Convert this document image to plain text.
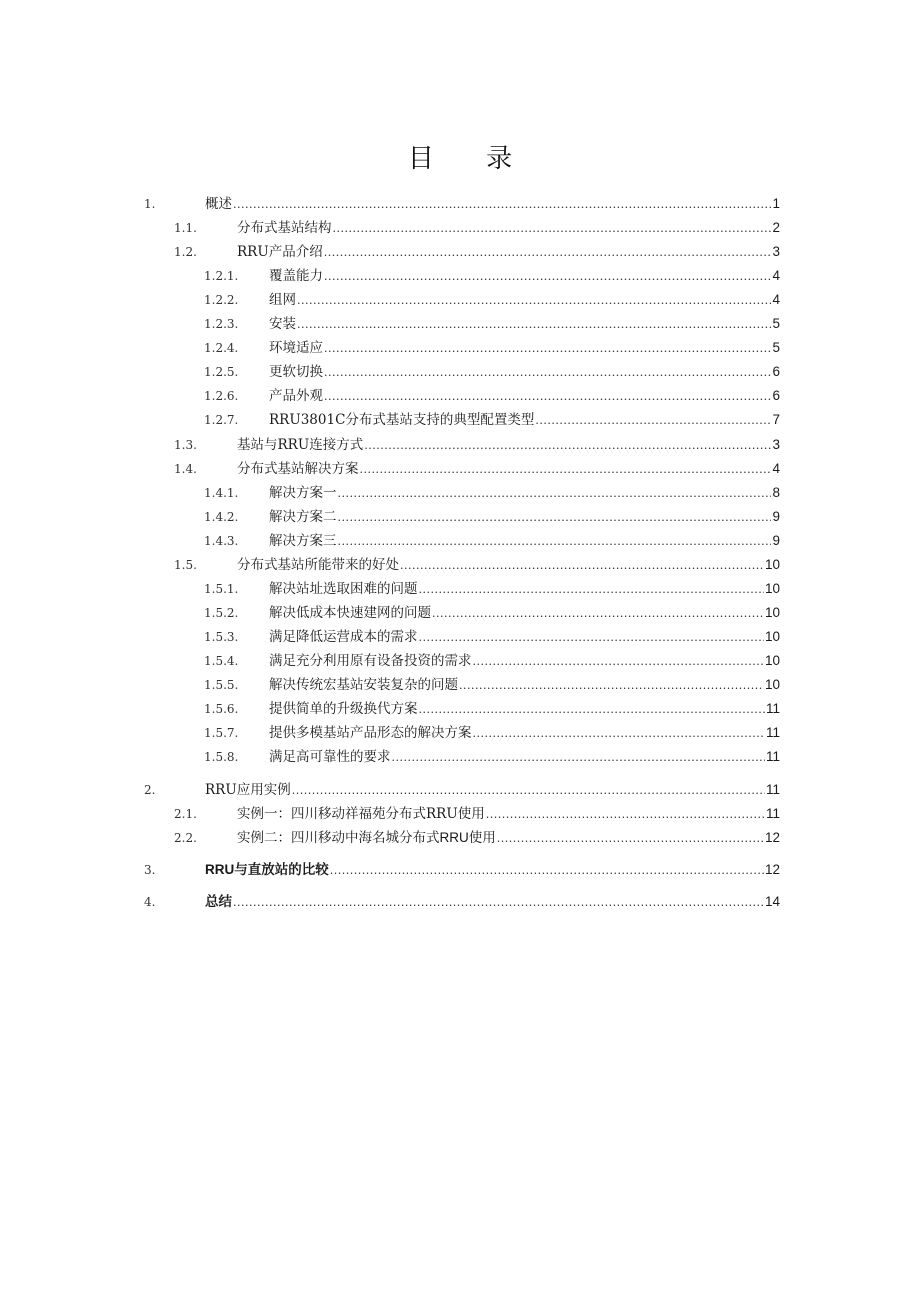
目 录
1.	概述 .....	1
1.1.	分布式基站结构 .....	2
1.2.	RRU产品介绍 .....	3
1.2.1. 覆盖能力 .....	4
1.2.2. 组网 .....	4
1.2.3. 安装 .....	5
1.2.4. 环境适应 .....	5
1.2.5. 更软切换 .....	6
1.2.6. 产品外观 .....	6
1.2.7. RRU3801C分布式基站支持的典型配置类型 .....	7
1.3.	基站与RRU连接方式 .....	3
1.4.	分布式基站解决方案 .....	4
1.4.1. 解决方案一 .....	8
1.4.2. 解决方案二 .....	9
1.4.3. 解决方案三 .....	9
1.5.	分布式基站所能带来的好处 .....	10
1.5.1. 解决站址选取困难的问题 .....	10
1.5.2. 解决低成本快速建网的问题 .....	10
1.5.3. 满足降低运营成本的需求 .....	10
1.5.4. 满足充分利用原有设备投资的需求 .....	10
1.5.5. 解决传统宏基站安装复杂的问题 .....	10
1.5.6. 提供简单的升级换代方案 .....	11
1.5.7. 提供多模基站产品形态的解决方案 .....	11
1.5.8. 满足高可靠性的要求 .....	11
2.	RRU应用实例 .....	11
2.1.	实例一：四川移动祥福苑分布式RRU使用 .....	11
2.2.	实例二：四川移动中海名城分布式RRU使用 .....	12
3.	RRU与直放站的比较 .....	12
4.	总结 .....	14
